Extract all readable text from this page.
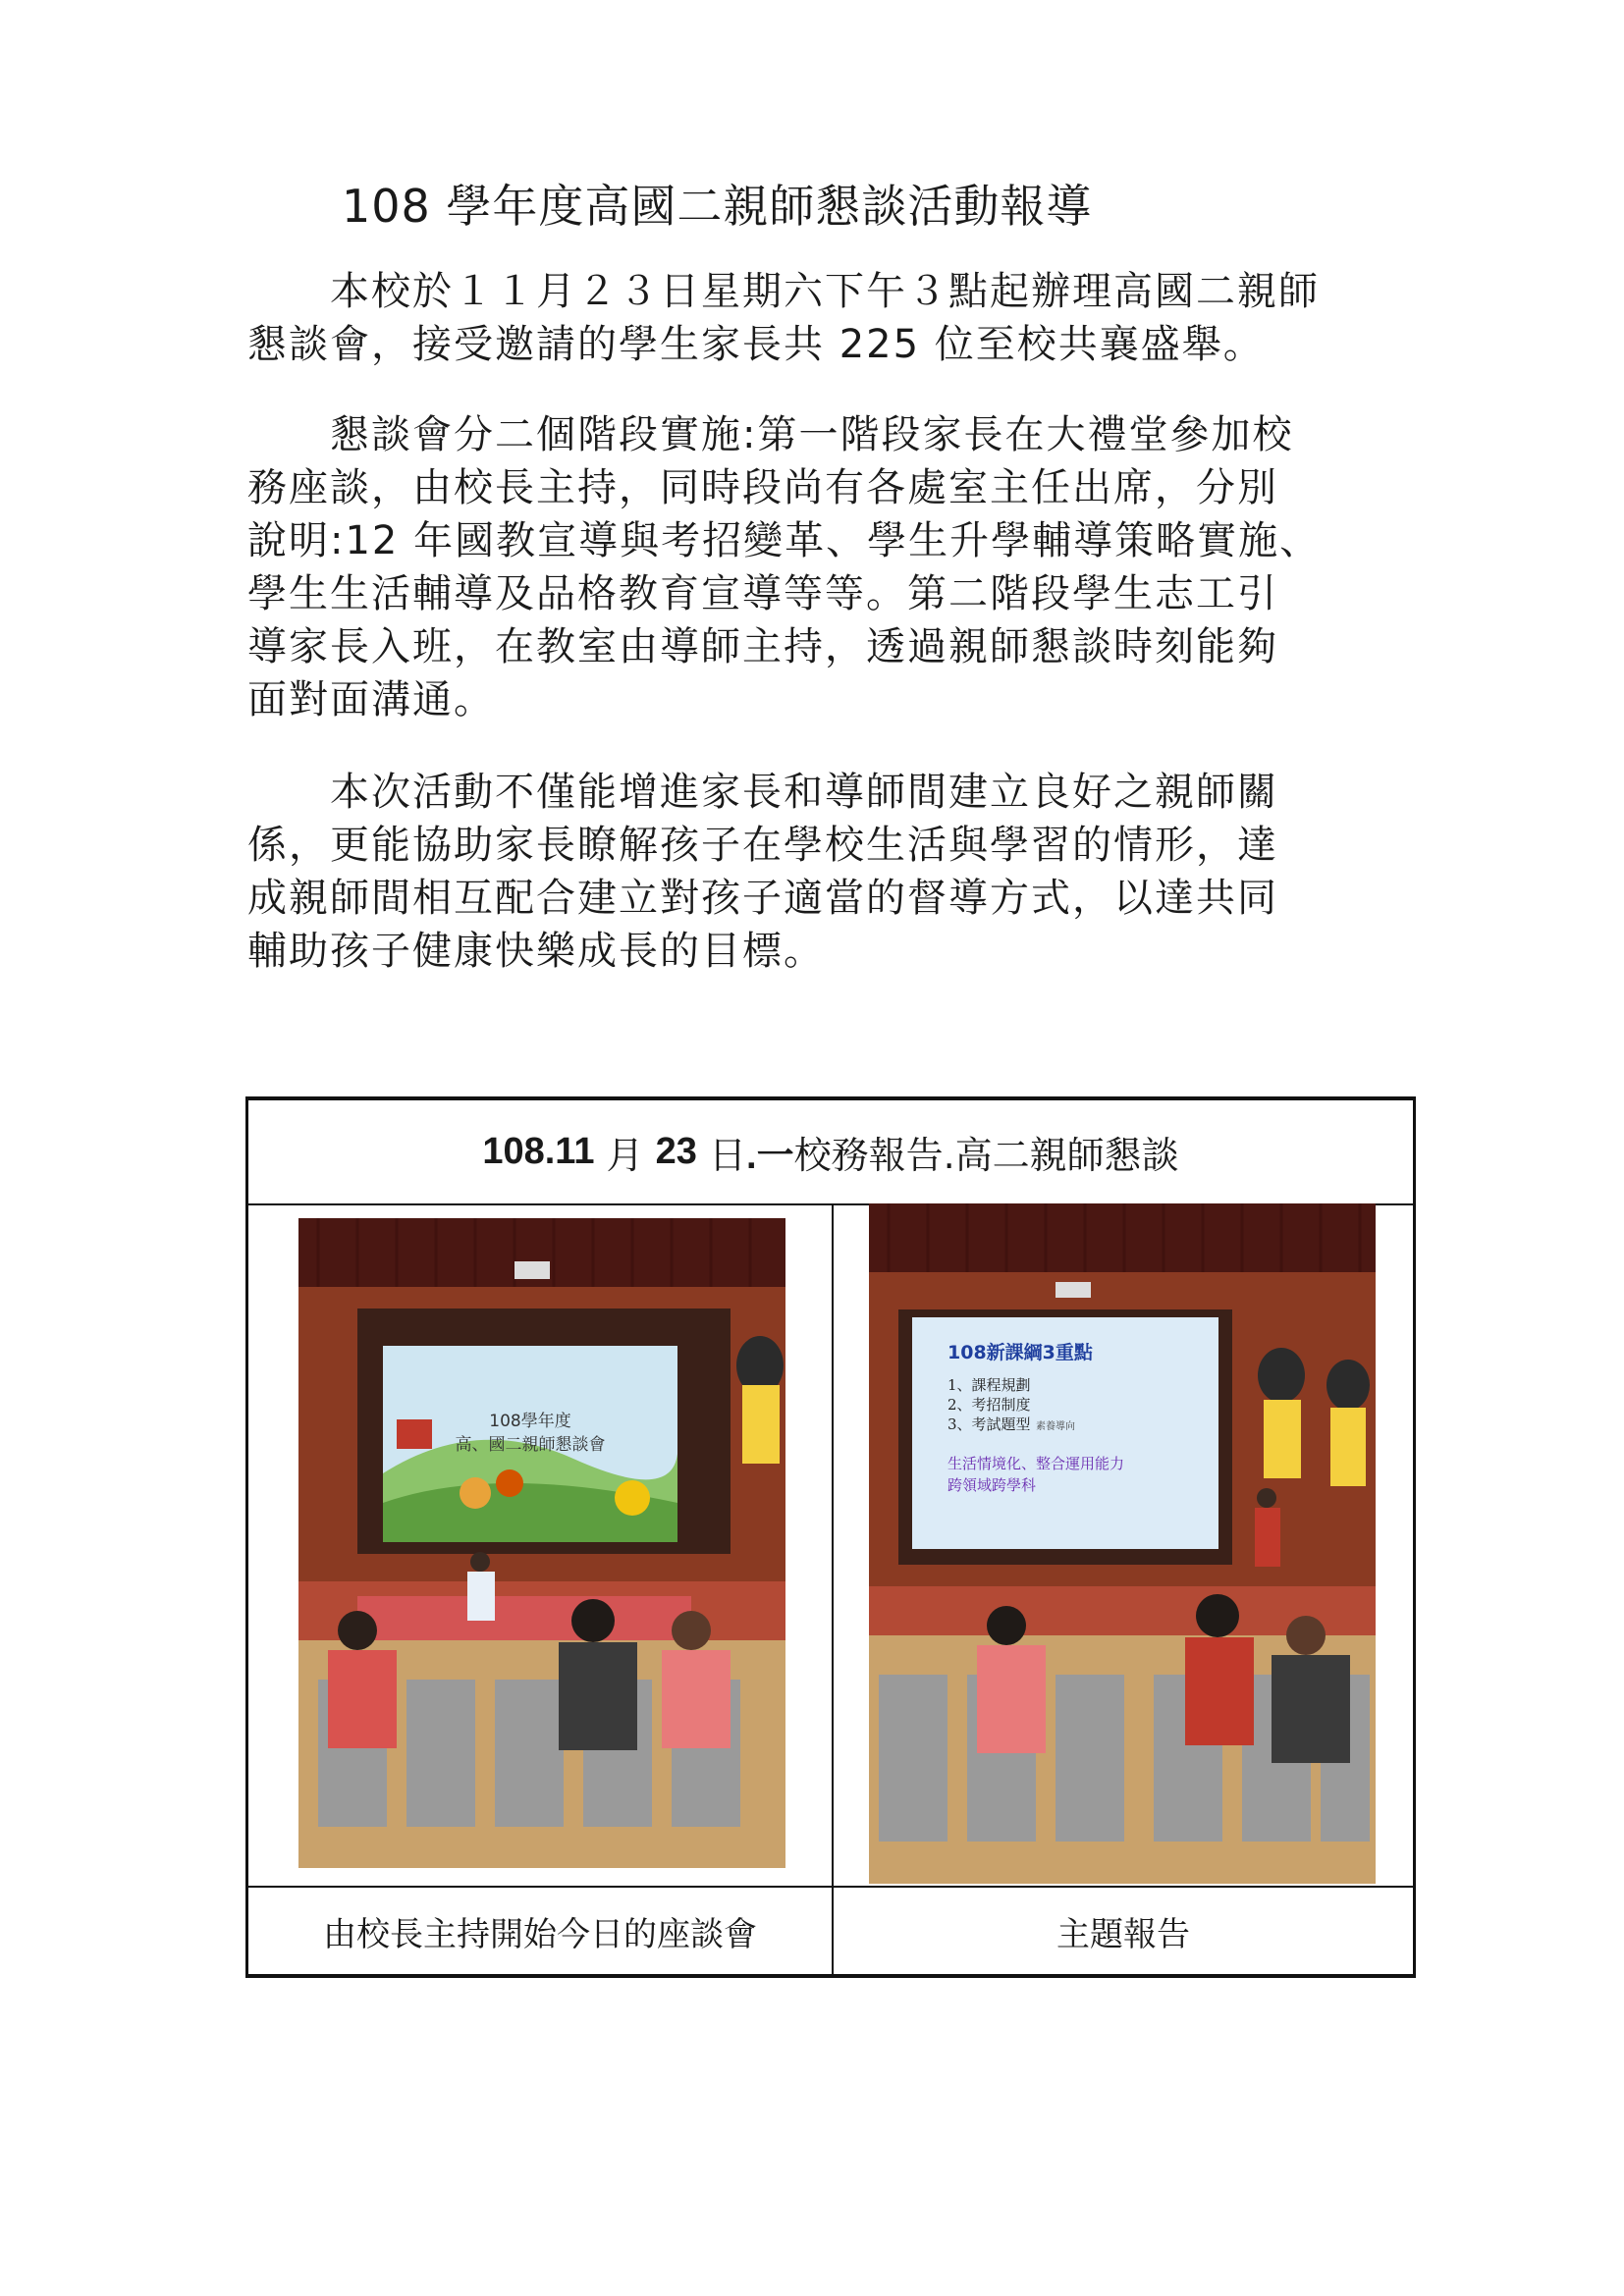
108 學年度高國二親師懇談活動報導
　　本校於１１月２３日星期六下午３點起辦理高國二親師
懇談會，接受邀請的學生家長共 225 位至校共襄盛舉。
　　懇談會分二個階段實施:第一階段家長在大禮堂參加校
務座談，由校長主持，同時段尚有各處室主任出席，分別
說明:12 年國教宣導與考招變革、學生升學輔導策略實施、
學生生活輔導及品格教育宣導等等。第二階段學生志工引
導家長入班，在教室由導師主持，透過親師懇談時刻能夠
面對面溝通。
　　本次活動不僅能增進家長和導師間建立良好之親師關
係，更能協助家長瞭解孩子在學校生活與學習的情形，達
成親師間相互配合建立對孩子適當的督導方式，以達共同
輔助孩子健康快樂成長的目標。
108.11 月 23 日 .一 校務報告.高二親師懇談
108學年度
高、國二親師懇談會
108新課綱3重點
1、課程規劃
2、考招制度
3、考試題型 素養導向
生活情境化、整合運用能力
跨領域跨學科
由校長主持開始今日的座談會	主題報告
